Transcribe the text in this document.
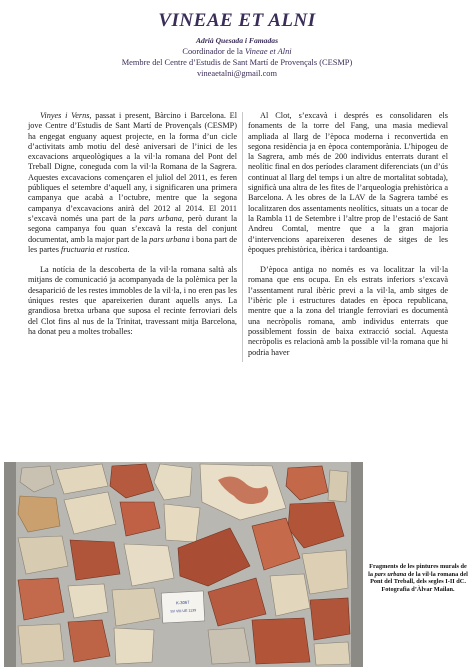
VINEAE ET ALNI
Adrià Quesada i Famadas
Coordinador de la Vineae et Alni
Membre del Centre d’Estudis de Sant Martí de Provençals (CESMP)
vineaetalni@gmail.com

Vinyes i Verns, passat i present, Bàrcino i Barcelona. El jove Centre d’Estudis de Sant Martí de Provençals (CESMP) ha engegat enguany aquest projecte, en la forma d’un cicle d’activitats amb motiu del desè aniversari de l’inici de les excavacions arqueològiques a la vil·la romana del Pont del Treball Digne, coneguda com la vil·la Romana de la Sagrera. Aquestes excavacions començaren el juliol del 2011, es feren públiques el setembre d’aquell any, i significaren una primera campanya que acabà a l’octubre, mentre que la segona campanya d’excavacions anirà del 2012 al 2014. El 2011 s’excavà només una part de la pars urbana, però durant la segona campanya fou quan s’excavà la resta del conjunt documentat, amb la major part de la pars urbana i bona part de les partes fructuaria et rustica.

La notícia de la descoberta de la vil·la romana saltà als mitjans de comunicació ja acompanyada de la polèmica per la desaparició de les restes immobles de la vil·la, i no eren pas les úniques restes que apareixerien durant aquells anys. La grandiosa bretxa urbana que suposa el recinte ferroviari dels del Clot fins al nus de la Trinitat, travessant mitja Barcelona, ha donat peu a moltes troballes:

Al Clot, s’excavà i després es consolidaren els fonaments de la torre del Fang, una masia medieval ampliada al llarg de l’època moderna i reconvertida en segona residència ja en època contemporània. L’hipogeu de la Sagrera, amb més de 200 individus enterrats durant el neolític final en dos períodes clarament diferenciats (un d’ús continuat al llarg del temps i un altre de mortalitat sobtada), significà una altra de les fites de l’arqueologia prehistòrica a Barcelona. A les obres de la LAV de la Sagrera també es localitzaren dos assentaments neolítics, situats un a tocar de la Rambla 11 de Setembre i l’altre prop de l’estació de Sant Andreu Comtal, mentre que a la gran majoria d’intervencions apareixeren desenes de sitges de les èpoques prehistòrica, ibèrica i tardoantiga.

D’època antiga no només es va localitzar la vil·la romana que ens ocupa. En els estrats inferiors s’excavà l’assentament rural ibèric previ a la vil·la, amb sitges de l’ibèric ple i estructures datades en època republicana, mentre que a la zona del triangle ferroviari es documentà una necròpolis romana, amb individus enterrats que possiblement fossin de baixa extracció social. Aquesta necròpolis es relacionà amb la possible vil·la romana que hi podria haver

K-3067
SV VIII UE 1139
Fragments de les pintures murals de la pars urbana de la vil·la romana del Pont del Treball, dels segles I-II dC. Fotografia d’Àlvar Mailan.
